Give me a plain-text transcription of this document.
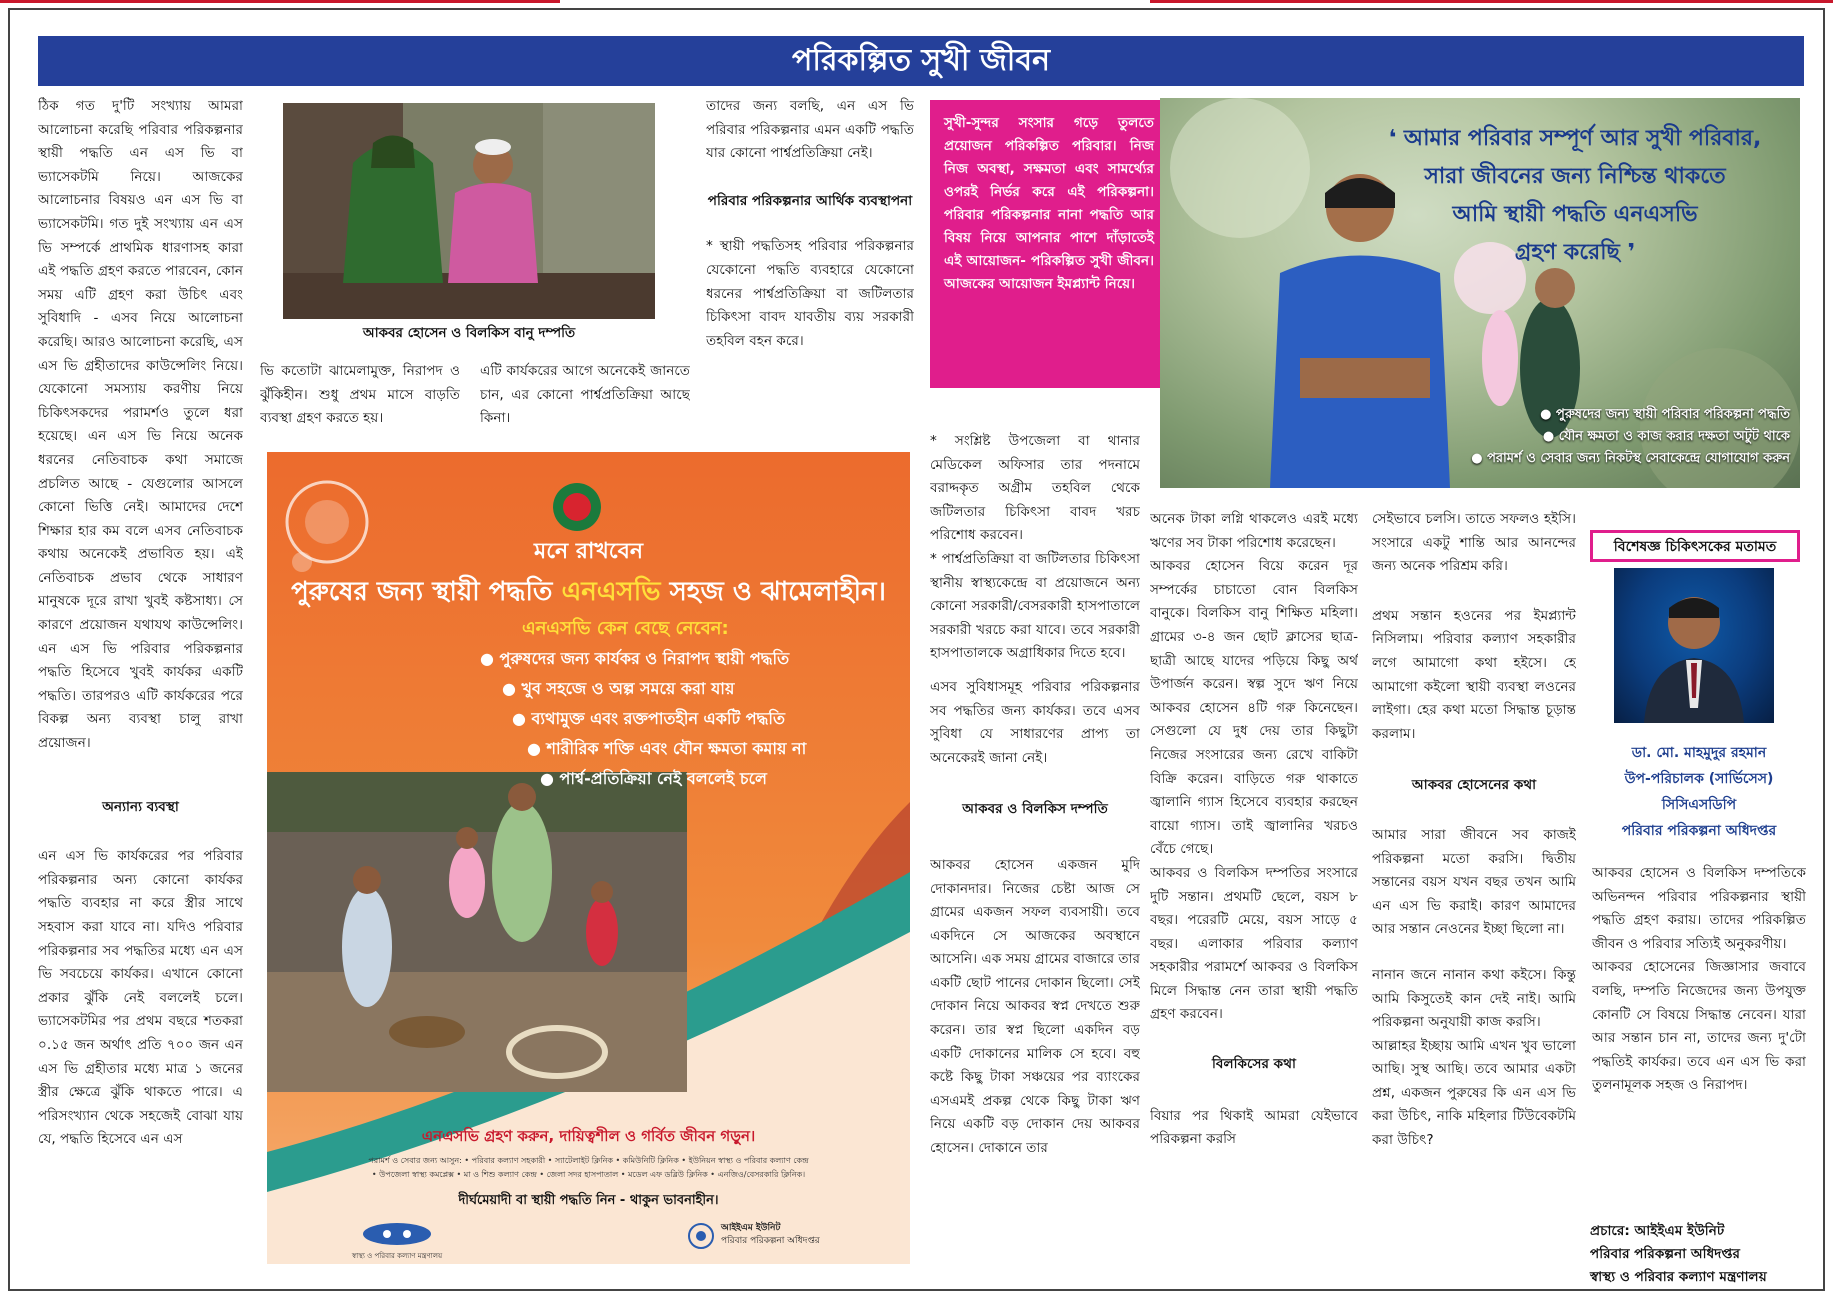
পরিকল্পিত সুখী জীবন

ঠিক গত দু'টি সংখ্যায় আমরা আলোচনা করেছি পরিবার পরিকল্পনার স্থায়ী পদ্ধতি এন এস ভি বা ভ্যাসেকটমি নিয়ে। আজকের আলোচনার বিষয়ও এন এস ভি বা ভ্যাসেকটমি। গত দুই সংখ্যায় এন এস ভি সম্পর্কে প্রাথমিক ধারণাসহ কারা এই পদ্ধতি গ্রহণ করতে পারবেন, কোন সময় এটি গ্রহণ করা উচিৎ এবং সুবিধাদি - এসব নিয়ে আলোচনা করেছি। আরও আলোচনা করেছি, এস এস ভি গ্রহীতাদের কাউন্সেলিং নিয়ে। যেকোনো সমস্যায় করণীয় নিয়ে চিকিৎসকদের পরামর্শও তুলে ধরা হয়েছে। এন এস ভি নিয়ে অনেক ধরনের নেতিবাচক কথা সমাজে প্রচলিত আছে - যেগুলোর আসলে কোনো ভিত্তি নেই। আমাদের দেশে শিক্ষার হার কম বলে এসব নেতিবাচক কথায় অনেকেই প্রভাবিত হয়। এই নেতিবাচক প্রভাব থেকে সাধারণ মানুষকে দূরে রাখা খুবই কষ্টসাধ্য। সে কারণে প্রয়োজন যথাযথ কাউন্সেলিং। এন এস ভি পরিবার পরিকল্পনার পদ্ধতি হিসেবে খুবই কার্যকর একটি পদ্ধতি। তারপরও এটি কার্যকরের পরে বিকল্প অন্য ব্যবস্থা চালু রাখা প্রয়োজন।

অন্যান্য ব্যবস্থা

এন এস ভি কার্যকরের পর পরিবার পরিকল্পনার অন্য কোনো কার্যকর পদ্ধতি ব্যবহার না করে স্ত্রীর সাথে সহবাস করা যাবে না। যদিও পরিবার পরিকল্পনার সব পদ্ধতির মধ্যে এন এস ভি সবচেয়ে কার্যকর। এখানে কোনো প্রকার ঝুঁকি নেই বললেই চলে। ভ্যাসেকটমির পর প্রথম বছরে শতকরা ০.১৫ জন অর্থাৎ প্রতি ৭০০ জন এন এস ভি গ্রহীতার মধ্যে মাত্র ১ জনের স্ত্রীর ক্ষেত্রে ঝুঁকি থাকতে পারে। এ পরিসংখ্যান থেকে সহজেই বোঝা যায় যে, পদ্ধতি হিসেবে এন এস

আকবর হোসেন ও বিলকিস বানু দম্পতি

ভি কতোটা ঝামেলামুক্ত, নিরাপদ ও ঝুঁকিহীন। শুধু প্রথম মাসে বাড়তি ব্যবস্থা গ্রহণ করতে হয়।

এটি কার্যকরের আগে অনেকেই জানতে চান, এর কোনো পার্শ্বপ্রতিক্রিয়া আছে কিনা।

তাদের জন্য বলছি, এন এস ভি পরিবার পরিকল্পনার এমন একটি পদ্ধতি যার কোনো পার্শ্বপ্রতিক্রিয়া নেই।

পরিবার পরিকল্পনার আর্থিক ব্যবস্থাপনা

* স্থায়ী পদ্ধতিসহ পরিবার পরিকল্পনার যেকোনো পদ্ধতি ব্যবহারে যেকোনো ধরনের পার্শ্বপ্রতিক্রিয়া বা জটিলতার চিকিৎসা বাবদ যাবতীয় ব্যয় সরকারী তহবিল বহন করে।

সুখী-সুন্দর সংসার গড়ে তুলতে প্রয়োজন পরিকল্পিত পরিবার। নিজ নিজ অবস্থা, সক্ষমতা এবং সামর্থ্যের ওপরই নির্ভর করে এই পরিকল্পনা। পরিবার পরিকল্পনার নানা পদ্ধতি আর বিষয় নিয়ে আপনার পাশে দাঁড়াতেই এই আয়োজন- পরিকল্পিত সুখী জীবন। আজকের আয়োজন ইমপ্ল্যান্ট নিয়ে।

* সংশ্লিষ্ট উপজেলা বা থানার মেডিকেল অফিসার তার পদনামে বরাদ্দকৃত অগ্রীম তহবিল থেকে জটিলতার চিকিৎসা বাবদ খরচ পরিশোধ করবেন।

* পার্শ্বপ্রতিক্রিয়া বা জটিলতার চিকিৎসা স্থানীয় স্বাস্থ্যকেন্দ্রে বা প্রয়োজনে অন্য কোনো সরকারী/বেসরকারী হাসপাতালে সরকারী খরচে করা যাবে। তবে সরকারী হাসপাতালকে অগ্রাধিকার দিতে হবে।

এসব সুবিধাসমূহ পরিবার পরিকল্পনার সব পদ্ধতির জন্য কার্যকর। তবে এসব সুবিধা যে সাধারণের প্রাপ্য তা অনেকেরই জানা নেই।

আকবর ও বিলকিস দম্পতি

আকবর হোসেন একজন মুদি দোকানদার। নিজের চেষ্টা আজ সে গ্রামের একজন সফল ব্যবসায়ী। তবে একদিনে সে আজকের অবস্থানে আসেনি। এক সময় গ্রামের বাজারে তার একটি ছোট পানের দোকান ছিলো। সেই দোকান নিয়ে আকবর স্বপ্ন দেখতে শুরু করেন। তার স্বপ্ন ছিলো একদিন বড় একটি দোকানের মালিক সে হবে। বহু কষ্টে কিছু টাকা সঞ্চয়ের পর ব্যাংকের এসএমই প্রকল্প থেকে কিছু টাকা ঋণ নিয়ে একটি বড় দোকান দেয় আকবর হোসেন। দোকানে তার

❛ আমার পরিবার সম্পূর্ণ আর সুখী পরিবার,
সারা জীবনের জন্য নিশ্চিন্ত থাকতে
আমি স্থায়ী পদ্ধতি এনএসভি
গ্রহণ করেছি ❜
● পুরুষদের জন্য স্থায়ী পরিবার পরিকল্পনা পদ্ধতি
● যৌন ক্ষমতা ও কাজ করার দক্ষতা অটুট থাকে
● পরামর্শ ও সেবার জন্য নিকটস্থ সেবাকেন্দ্রে যোগাযোগ করুন

অনেক টাকা লগ্নি থাকলেও এরই মধ্যে ঋণের সব টাকা পরিশোধ করেছেন।

আকবর হোসেন বিয়ে করেন দূর সম্পর্কের চাচাতো বোন বিলকিস বানুকে। বিলকিস বানু শিক্ষিত মহিলা। গ্রামের ৩-৪ জন ছোট ক্লাসের ছাত্র-ছাত্রী আছে যাদের পড়িয়ে কিছু অর্থ উপার্জন করেন। স্বল্প সুদে ঋণ নিয়ে আকবর হোসেন ৪টি গরু কিনেছেন। সেগুলো যে দুধ দেয় তার কিছুটা নিজের সংসারের জন্য রেখে বাকিটা বিক্রি করেন। বাড়িতে গরু থাকাতে জ্বালানি গ্যাস হিসেবে ব্যবহার করছেন বায়ো গ্যাস। তাই জ্বালানির খরচও বেঁচে গেছে।

আকবর ও বিলকিস দম্পতির সংসারে দুটি সন্তান। প্রথমটি ছেলে, বয়স ৮ বছর। পরেরটি মেয়ে, বয়স সাড়ে ৫ বছর। এলাকার পরিবার কল্যাণ সহকারীর পরামর্শে আকবর ও বিলকিস মিলে সিদ্ধান্ত নেন তারা স্থায়ী পদ্ধতি গ্রহণ করবেন।

বিলকিসের কথা

বিয়ার পর থিকাই আমরা যেইভাবে পরিকল্পনা করসি

সেইভাবে চলসি। তাতে সফলও হইসি। সংসারে একটু শান্তি আর আনন্দের জন্য অনেক পরিশ্রম করি।

প্রথম সন্তান হওনের পর ইমপ্ল্যান্ট নিসিলাম। পরিবার কল্যাণ সহকারীর লগে আমাগো কথা হইসে। হে আমাগো কইলো স্থায়ী ব্যবস্থা লওনের লাইগা। হের কথা মতো সিদ্ধান্ত চূড়ান্ত করলাম।

আকবর হোসেনের কথা

আমার সারা জীবনে সব কাজই পরিকল্পনা মতো করসি। দ্বিতীয় সন্তানের বয়স যখন বছর তখন আমি এন এস ভি করাই। কারণ আমাদের আর সন্তান নেওনের ইচ্ছা ছিলো না।

নানান জনে নানান কথা কইসে। কিন্তু আমি কিসুতেই কান দেই নাই। আমি পরিকল্পনা অনুযায়ী কাজ করসি।

আল্লাহর ইচ্ছায় আমি এখন খুব ভালো আছি। সুস্থ আছি। তবে আমার একটা প্রশ্ন, একজন পুরুষের কি এন এস ভি করা উচিৎ, নাকি মহিলার টিউবেকটমি করা উচিৎ?

বিশেষজ্ঞ চিকিৎসকের মতামত
ডা. মো. মাহমুদুর রহমান
উপ-পরিচালক (সার্ভিসেস)
সিসিএসডিপি
পরিবার পরিকল্পনা অধিদপ্তর

আকবর হোসেন ও বিলকিস দম্পতিকে অভিনন্দন পরিবার পরিকল্পনার স্থায়ী পদ্ধতি গ্রহণ করায়। তাদের পরিকল্পিত জীবন ও পরিবার সত্যিই অনুকরণীয়।

আকবর হোসেনের জিজ্ঞাসার জবাবে বলছি, দম্পতি নিজেদের জন্য উপযুক্ত কোনটি সে বিষয়ে সিদ্ধান্ত নেবেন। যারা আর সন্তান চান না, তাদের জন্য দু'টো পদ্ধতিই কার্যকর। তবে এন এস ভি করা তুলনামূলক সহজ ও নিরাপদ।

প্রচারে: আইইএম ইউনিট
পরিবার পরিকল্পনা অধিদপ্তর
স্বাস্থ্য ও পরিবার কল্যাণ মন্ত্রণালয়
মনে রাখবেন
পুরুষের জন্য স্থায়ী পদ্ধতি এনএসভি সহজ ও ঝামেলাহীন।
এনএসভি কেন বেছে নেবেন:
● পুরুষদের জন্য কার্যকর ও নিরাপদ স্থায়ী পদ্ধতি
● খুব সহজে ও অল্প সময়ে করা যায়
● ব্যথামুক্ত এবং রক্তপাতহীন একটি পদ্ধতি
● শারীরিক শক্তি এবং যৌন ক্ষমতা কমায় না
● পার্শ্ব-প্রতিক্রিয়া নেই বললেই চলে
এনএসভি গ্রহণ করুন, দায়িত্বশীল ও গর্বিত জীবন গড়ুন।
পরামর্শ ও সেবার জন্য আসুন: • পরিবার কল্যাণ সহকারী • স্যাটেলাইট ক্লিনিক • কমিউনিটি ক্লিনিক • ইউনিয়ন স্বাস্থ্য ও পরিবার কল্যাণ কেন্দ্র
• উপজেলা স্বাস্থ্য কমপ্লেক্স • মা ও শিশু কল্যাণ কেন্দ্র • জেলা সদর হাসপাতাল • মডেল এফ ডব্লিউ ক্লিনিক • এনজিও/বেসরকারি ক্লিনিক।
দীর্ঘমেয়াদী বা স্থায়ী পদ্ধতি নিন - থাকুন ভাবনাহীন।
স্বাস্থ্য ও পরিবার কল্যাণ মন্ত্রণালয়
আইইএম ইউনিট
পরিবার পরিকল্পনা অধিদপ্তর
